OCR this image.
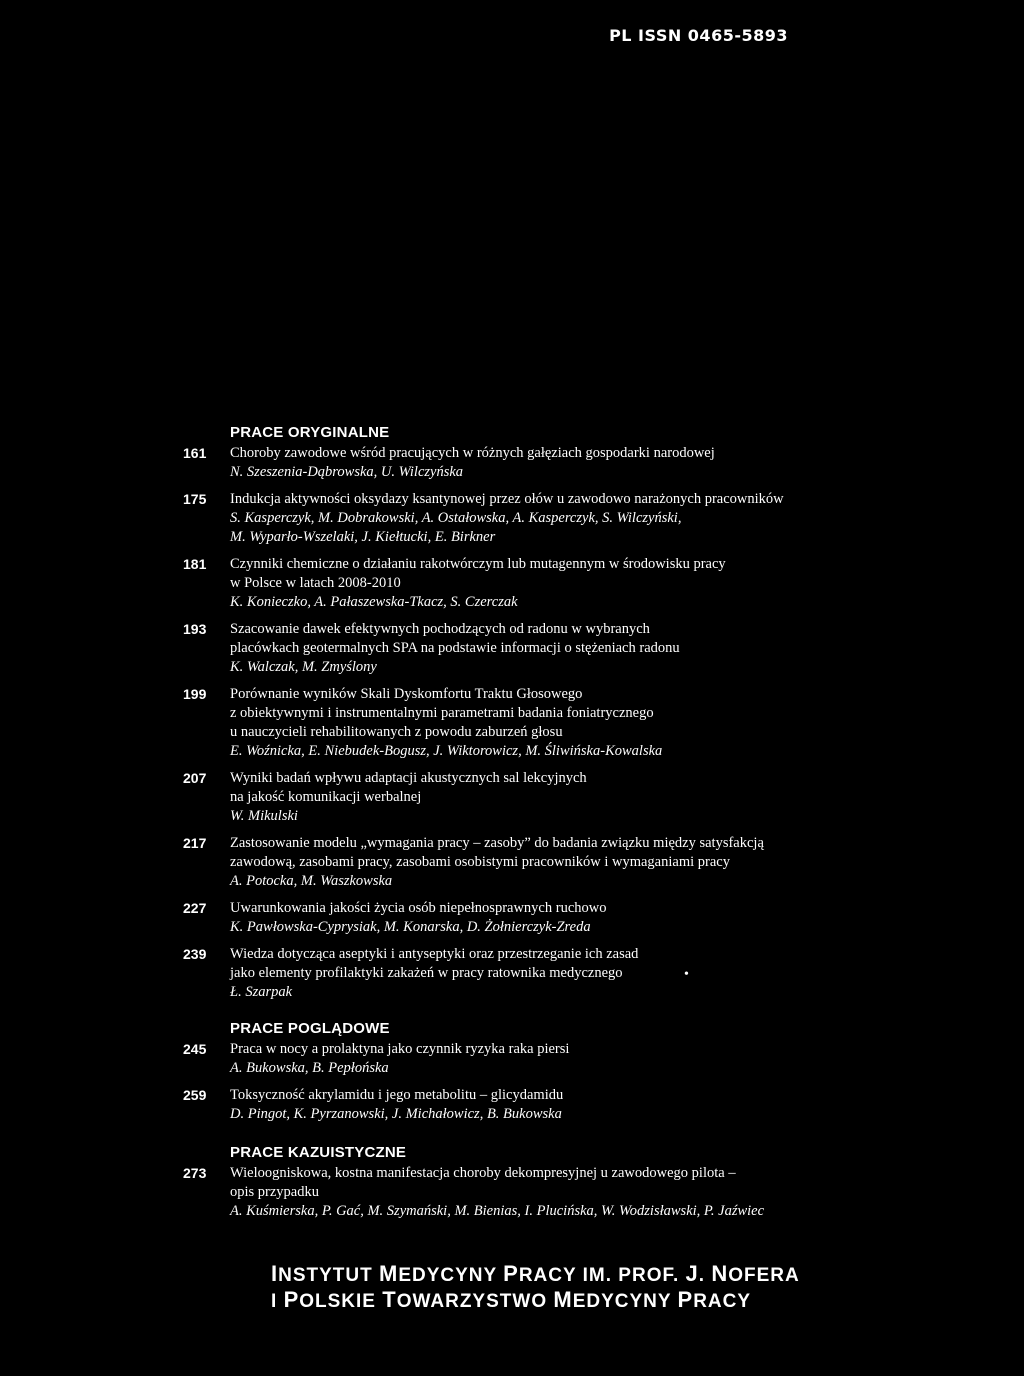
PL ISSN 0465-5893
PRACE ORYGINALNE
161 Choroby zawodowe wśród pracujących w różnych gałęziach gospodarki narodowej
N. Szeszenia-Dąbrowska, U. Wilczyńska
175 Indukcja aktywności oksydazy ksantynowej przez ołów u zawodowo narażonych pracowników
S. Kasperczyk, M. Dobrakowski, A. Ostałowska, A. Kasperczyk, S. Wilczyński,
M. Wyparło-Wszelaki, J. Kiełtucki, E. Birkner
181 Czynniki chemiczne o działaniu rakotwórczym lub mutagennym w środowisku pracy
w Polsce w latach 2008-2010
K. Konieczko, A. Pałaszewska-Tkacz, S. Czerczak
193 Szacowanie dawek efektywnych pochodzących od radonu w wybranych
placówkach geotermalnych SPA na podstawie informacji o stężeniach radonu
K. Walczak, M. Zmyślony
199 Porównanie wyników Skali Dyskomfortu Traktu Głosowego
z obiektywnymi i instrumentalnymi parametrami badania foniatrycznego
u nauczycieli rehabilitowanych z powodu zaburzeń głosu
E. Woźnicka, E. Niebudek-Bogusz, J. Wiktorowicz, M. Śliwińska-Kowalska
207 Wyniki badań wpływu adaptacji akustycznych sal lekcyjnych
na jakość komunikacji werbalnej
W. Mikulski
217 Zastosowanie modelu „wymagania pracy – zasoby” do badania związku między satysfakcją
zawodową, zasobami pracy, zasobami osobistymi pracowników i wymaganiami pracy
A. Potocka, M. Waszkowska
227 Uwarunkowania jakości życia osób niepełnosprawnych ruchowo
K. Pawłowska-Cyprysiak, M. Konarska, D. Żołnierczyk-Zreda
239 Wiedza dotycząca aseptyki i antyseptyki oraz przestrzeganie ich zasad
jako elementy profilaktyki zakażeń w pracy ratownika medycznego
Ł. Szarpak
PRACE POGLĄDOWE
245 Praca w nocy a prolaktyna jako czynnik ryzyka raka piersi
A. Bukowska, B. Pepłońska
259 Toksyczność akrylamidu i jego metabolitu – glicydamidu
D. Pingot, K. Pyrzanowski, J. Michałowicz, B. Bukowska
PRACE KAZUISTYCZNE
273 Wieloogniskowa, kostna manifestacja choroby dekompresyjnej u zawodowego pilota –
opis przypadku
A. Kuśmierska, P. Gać, M. Szymański, M. Bienias, I. Plucińska, W. Wodzisławski, P. Jaźwiec
•
INSTYTUT MEDYCYNY PRACY IM. PROF. J. NOFERA
I POLSKIE TOWARZYSTWO MEDYCYNY PRACY
